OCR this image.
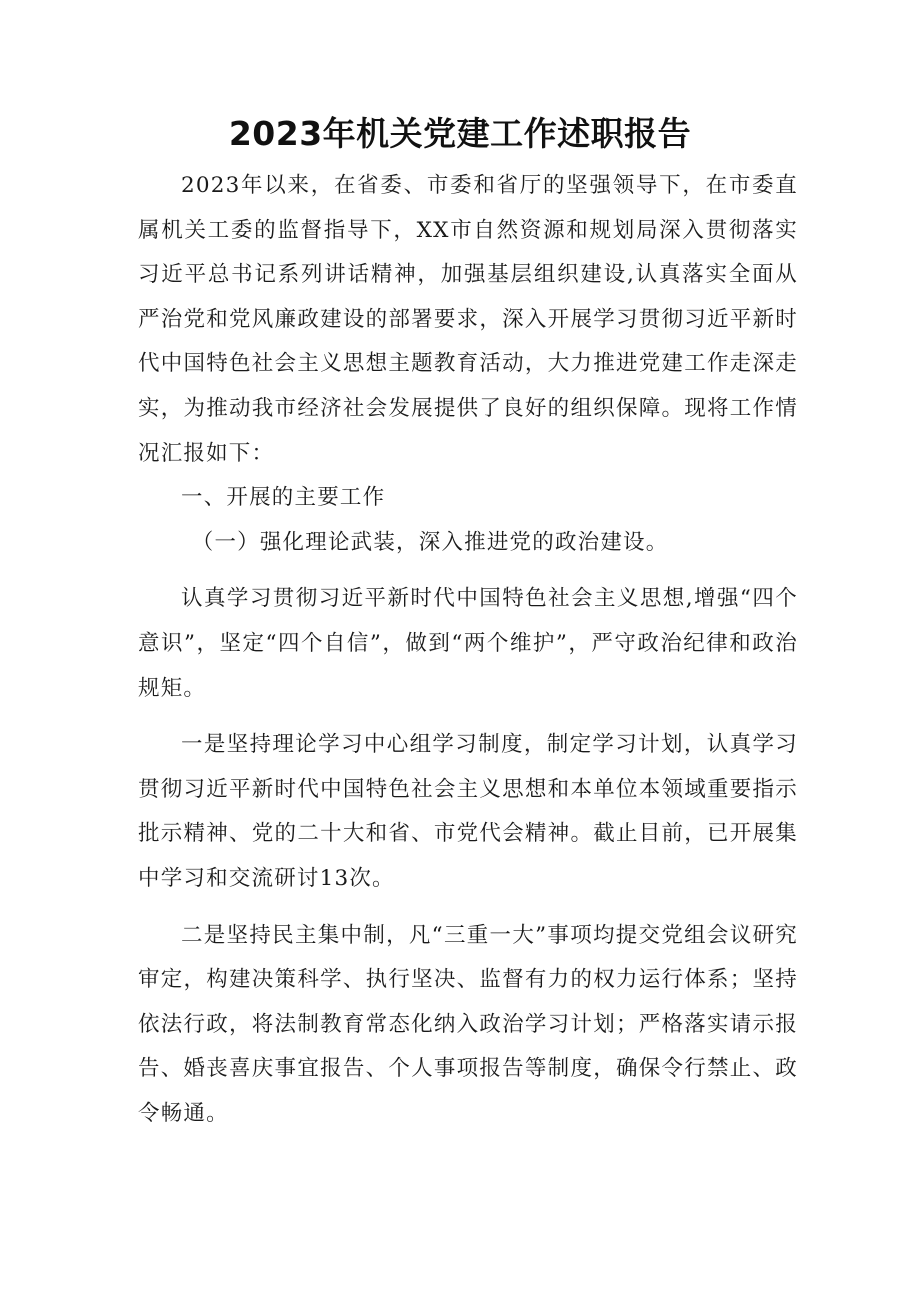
2023年机关党建工作述职报告

2023年以来，在省委、市委和省厅的坚强领导下，在市委直属机关工委的监督指导下，XX市自然资源和规划局深入贯彻落实习近平总书记系列讲话精神，加强基层组织建设,认真落实全面从严治党和党风廉政建设的部署要求，深入开展学习贯彻习近平新时代中国特色社会主义思想主题教育活动，大力推进党建工作走深走实，为推动我市经济社会发展提供了良好的组织保障。现将工作情况汇报如下：

一、开展的主要工作

（一）强化理论武装，深入推进党的政治建设。

认真学习贯彻习近平新时代中国特色社会主义思想,增强“四个意识”，坚定“四个自信”，做到“两个维护”，严守政治纪律和政治规矩。

一是坚持理论学习中心组学习制度，制定学习计划，认真学习贯彻习近平新时代中国特色社会主义思想和本单位本领域重要指示批示精神、党的二十大和省、市党代会精神。截止目前，已开展集中学习和交流研讨13次。

二是坚持民主集中制，凡“三重一大”事项均提交党组会议研究审定，构建决策科学、执行坚决、监督有力的权力运行体系；坚持依法行政，将法制教育常态化纳入政治学习计划；严格落实请示报告、婚丧喜庆事宜报告、个人事项报告等制度，确保令行禁止、政令畅通。
